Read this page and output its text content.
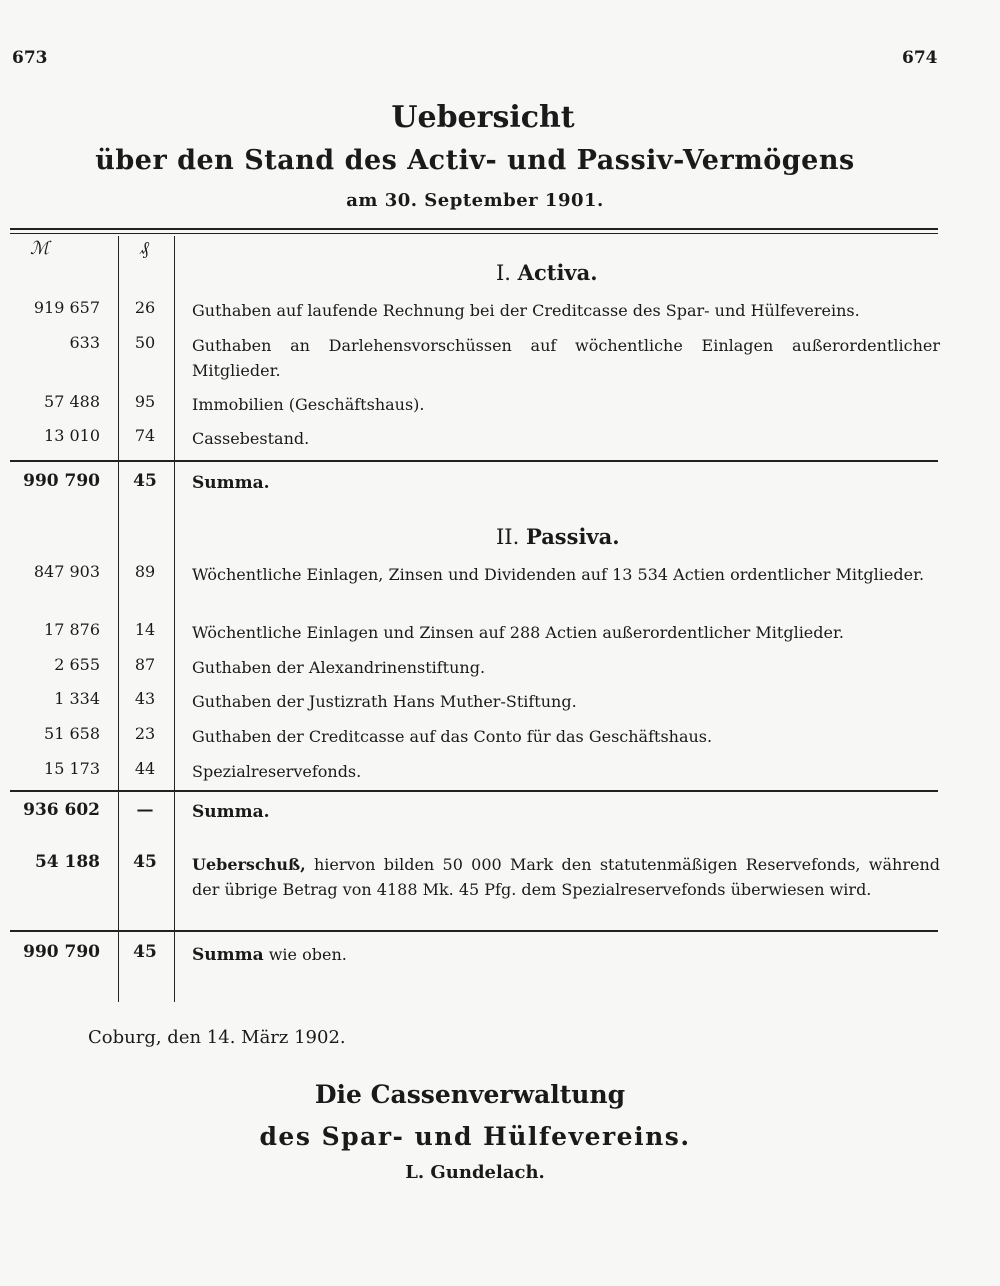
673	674
Uebersicht
über den Stand des Activ- und Passiv-Vermögens
am 30. September 1901.
ℳ	₰
I. Activa.
919 657	26	Guthaben auf laufende Rechnung bei der Creditcasse des Spar- und Hülfevereins.
633	50	Guthaben an Darlehensvorschüssen auf wöchentliche Einlagen außerordentlicher Mitglieder.
57 488	95	Immobilien (Geschäftshaus).
13 010	74	Cassebestand.
990 790	45	Summa.
II. Passiva.
847 903	89	Wöchentliche Einlagen, Zinsen und Dividenden auf 13 534 Actien ordentlicher Mitglieder.
17 876	14	Wöchentliche Einlagen und Zinsen auf 288 Actien außerordentlicher Mitglieder.
2 655	87	Guthaben der Alexandrinenstiftung.
1 334	43	Guthaben der Justizrath Hans Muther-Stiftung.
51 658	23	Guthaben der Creditcasse auf das Conto für das Geschäftshaus.
15 173	44	Spezialreservefonds.
936 602	—	Summa.
54 188	45	Ueberschuß, hiervon bilden 50 000 Mark den statutenmäßigen Reservefonds, während der übrige Betrag von 4188 Mk. 45 Pfg. dem Spezialreservefonds überwiesen wird.
990 790	45	Summa wie oben.
Coburg, den 14. März 1902.
Die Cassenverwaltung
des Spar- und Hülfevereins.
L. Gundelach.
